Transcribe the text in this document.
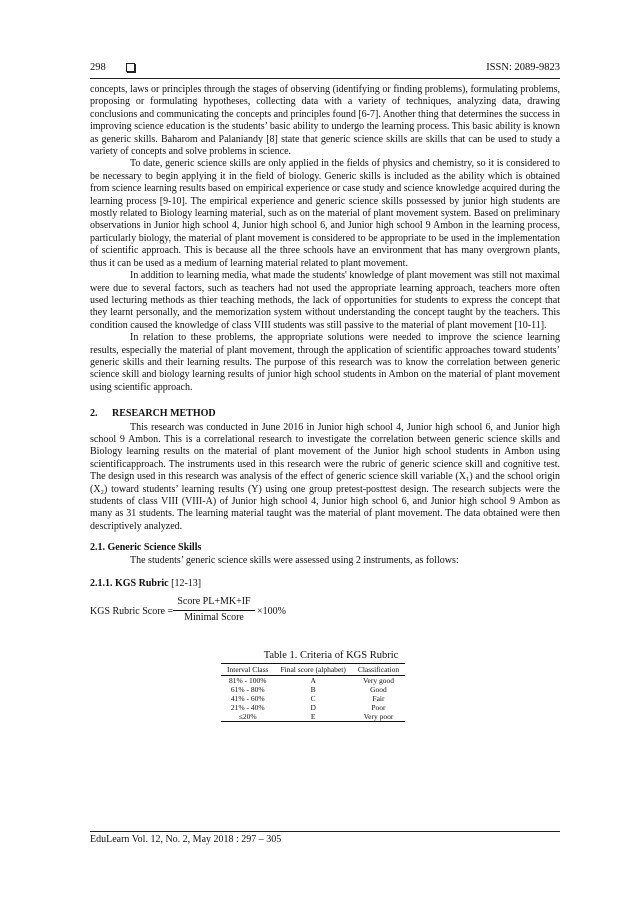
298	ISSN: 2089-9823

concepts, laws or principles through the stages of observing (identifying or finding problems), formulating problems, proposing or formulating hypotheses, collecting data with a variety of techniques, analyzing data, drawing conclusions and communicating the concepts and principles found [6-7]. Another thing that determines the success in improving science education is the students’ basic ability to undergo the learning process. This basic ability is known as generic skills. Baharom and Palaniandy [8] state that generic science skills are skills that can be used to study a variety of concepts and solve problems in science.

To date, generic science skills are only applied in the fields of physics and chemistry, so it is considered to be necessary to begin applying it in the field of biology. Generic skills is included as the ability which is obtained from science learning results based on empirical experience or case study and science knowledge acquired during the learning process [9-10]. The empirical experience and generic science skills possessed by junior high students are mostly related to Biology learning material, such as on the material of plant movement system. Based on preliminary observations in Junior high school 4, Junior high school 6, and Junior high school 9 Ambon in the learning process, particularly biology, the material of plant movement is considered to be appropriate to be used in the implementation of scientific approach. This is because all the three schools have an environment that has many overgrown plants, thus it can be used as a medium of learning material related to plant movement.

In addition to learning media, what made the students' knowledge of plant movement was still not maximal were due to several factors, such as teachers had not used the appropriate learning approach, teachers more often used lecturing methods as thier teaching methods, the lack of opportunities for students to express the concept that they learnt personally, and the memorization system without understanding the concept taught by the teachers. This condition caused the knowledge of class VIII students was still passive to the material of plant movement [10-11].

In relation to these problems, the appropriate solutions were needed to improve the science learning results, especially the material of plant movement, through the application of scientific approaches toward students’ generic skills and their learning results. The purpose of this research was to know the correlation between generic science skill and biology learning results of junior high school students in Ambon on the material of plant movement using scientific approach.

2. RESEARCH METHOD

This research was conducted in June 2016 in Junior high school 4, Junior high school 6, and Junior high school 9 Ambon. This is a correlational research to investigate the correlation between generic science skills and Biology learning results on the material of plant movement of the Junior high school students in Ambon using scientificapproach. The instruments used in this research were the rubric of generic science skill and cognitive test. The design used in this research was analysis of the effect of generic science skill variable (X₁) and the school origin (X₂) toward students’ learning results (Y) using one group pretest-posttest design. The research subjects were the students of class VIII (VIII-A) of Junior high school 4, Junior high school 6, and Junior high school 9 Ambon as many as 31 students. The learning material taught was the material of plant movement. The data obtained were then descriptively analyzed.

2.1. Generic Science Skills

The students’ generic science skills were assessed using 2 instruments, as follows:

2.1.1. KGS Rubric [12-13]
KGS Rubric Score =
Score PL+MK+IF
Minimal Score	×100%
Table 1. Criteria of KGS Rubric
Interval Class	Final score (alphabet)	Classification
81% - 100%	A	Very good
61% - 80%	B	Good
41% - 60%	C	Fair
21% - 40%	D	Poor
≤20%	E	Very poor
EduLearn Vol. 12, No. 2, May 2018 : 297 – 305
